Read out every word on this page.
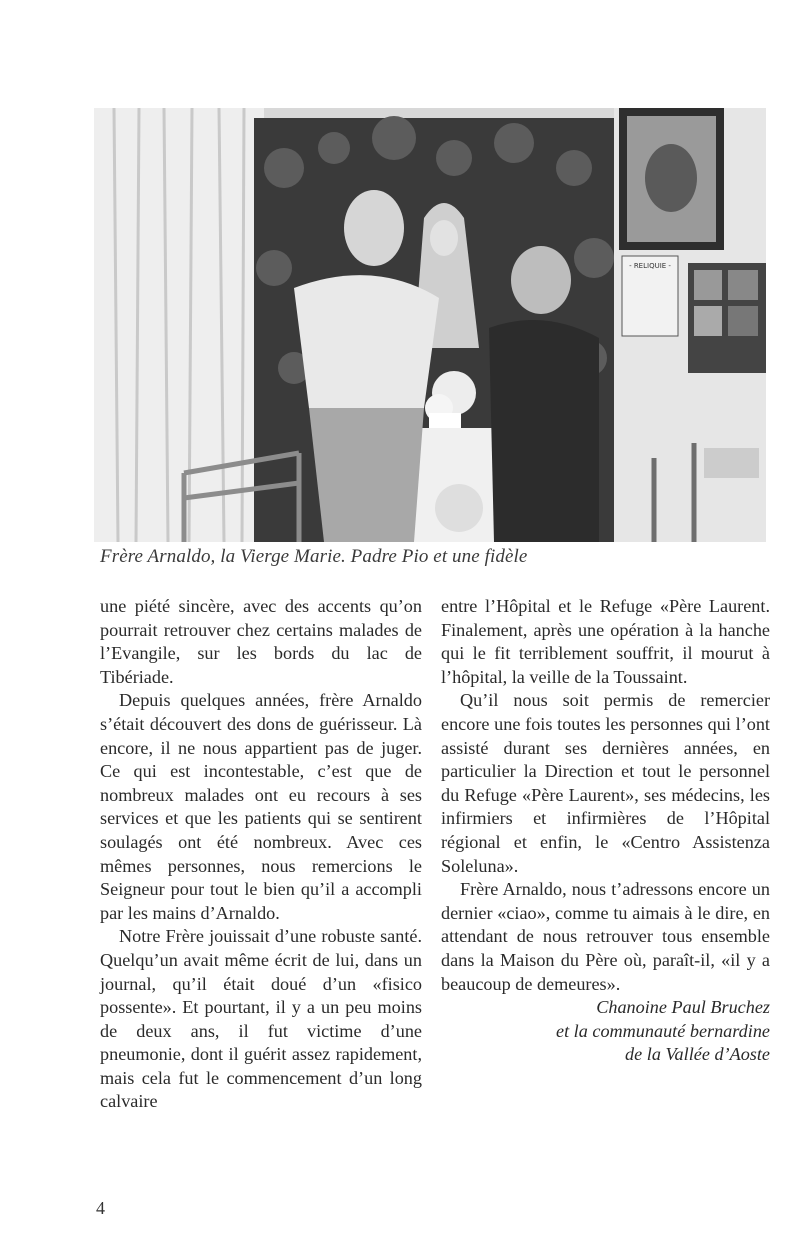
- RELIQUIE -
Frère Arnaldo, la Vierge Marie. Padre Pio et une fidèle

une piété sincère, avec des accents qu’on pourrait retrouver chez certains malades de l’Evangile, sur les bords du lac de Tibériade.

Depuis quelques années, frère Arnaldo s’était découvert des dons de guérisseur. Là encore, il ne nous appartient pas de juger. Ce qui est incontestable, c’est que de nombreux malades ont eu recours à ses services et que les patients qui se sentirent soulagés ont été nombreux. Avec ces mêmes personnes, nous remercions le Seigneur pour tout le bien qu’il a accompli par les mains d’Arnaldo.

Notre Frère jouissait d’une robuste santé. Quelqu’un avait même écrit de lui, dans un journal, qu’il était doué d’un «fisico possente». Et pourtant, il y a un peu moins de deux ans, il fut victime d’une pneumonie, dont il guérit assez rapidement, mais cela fut le commencement d’un long calvaire

entre l’Hôpital et le Refuge «Père Laurent. Finalement, après une opération à la hanche qui le fit terriblement souffrit, il mourut à l’hôpital, la veille de la Toussaint.

Qu’il nous soit permis de remercier encore une fois toutes les personnes qui l’ont assisté durant ses dernières années, en particulier la Direction et tout le personnel du Refuge «Père Laurent», ses médecins, les infirmiers et infirmières de l’Hôpital régional et enfin, le «Centro Assistenza Soleluna».

Frère Arnaldo, nous t’adressons encore un dernier «ciao», comme tu aimais à le dire, en attendant de nous retrouver tous ensemble dans la Maison du Père où, paraît-il, «il y a beaucoup de demeures».

Chanoine Paul Bruchez
et la communauté bernardine
de la Vallée d’Aoste
4
